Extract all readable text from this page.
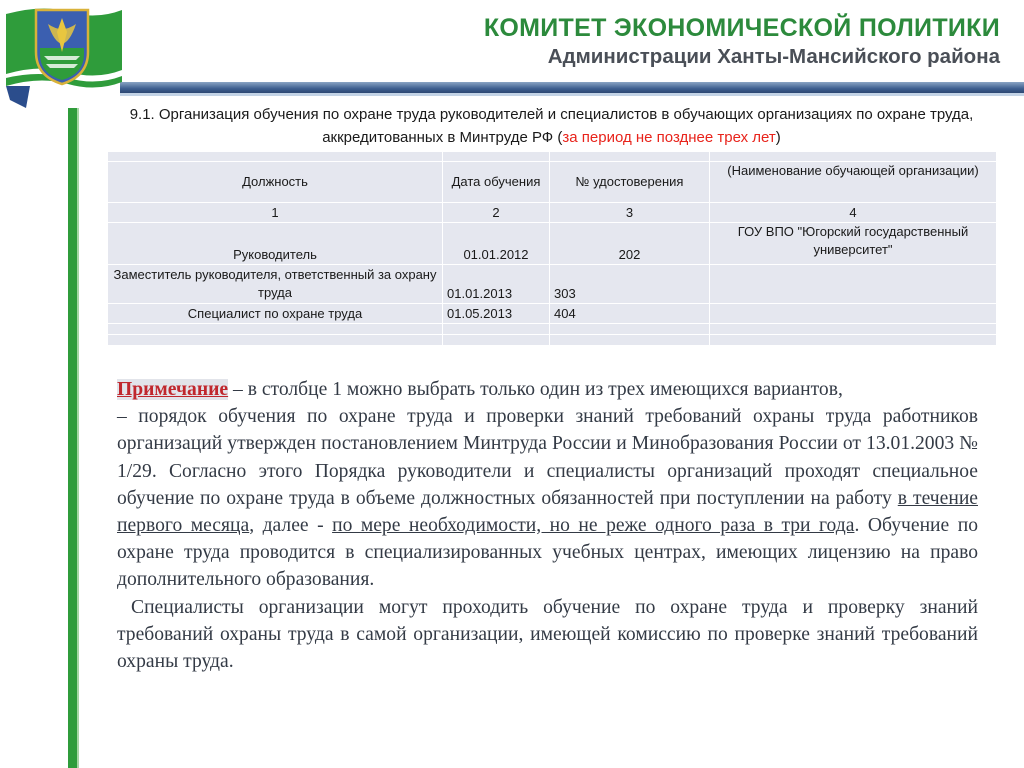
КОМИТЕТ ЭКОНОМИЧЕСКОЙ ПОЛИТИКИ
Администрации Ханты-Мансийского района
9.1. Организация обучения по охране труда руководителей и специалистов в обучающих организациях по охране труда, аккредитованных в Минтруде РФ (за период не позднее трех лет)

Должность	Дата обучения	№ удостоверения	(Наименование обучающей организации)
1	2	3	4
Руководитель	01.01.2012	202	ГОУ ВПО "Югорский государственный университет"
Заместитель руководителя, ответственный за охрану труда	01.01.2013	303	
Специалист по охране труда	01.05.2013	404	

Примечание – в столбце 1 можно выбрать только один из трех имеющихся вариантов,

– порядок обучения по охране труда и проверки знаний требований охраны труда работников организаций утвержден постановлением Минтруда России и Минобразования России от 13.01.2003 № 1/29. Согласно этого Порядка руководители и специалисты организаций проходят специальное обучение по охране труда в объеме должностных обязанностей при поступлении на работу в течение первого месяца, далее - по мере необходимости, но не реже одного раза в три года. Обучение по охране труда проводится в специализированных учебных центрах, имеющих лицензию на право дополнительного образования.

Специалисты организации могут проходить обучение по охране труда и проверку знаний требований охраны труда в самой организации, имеющей комиссию по проверке знаний требований охраны труда.
